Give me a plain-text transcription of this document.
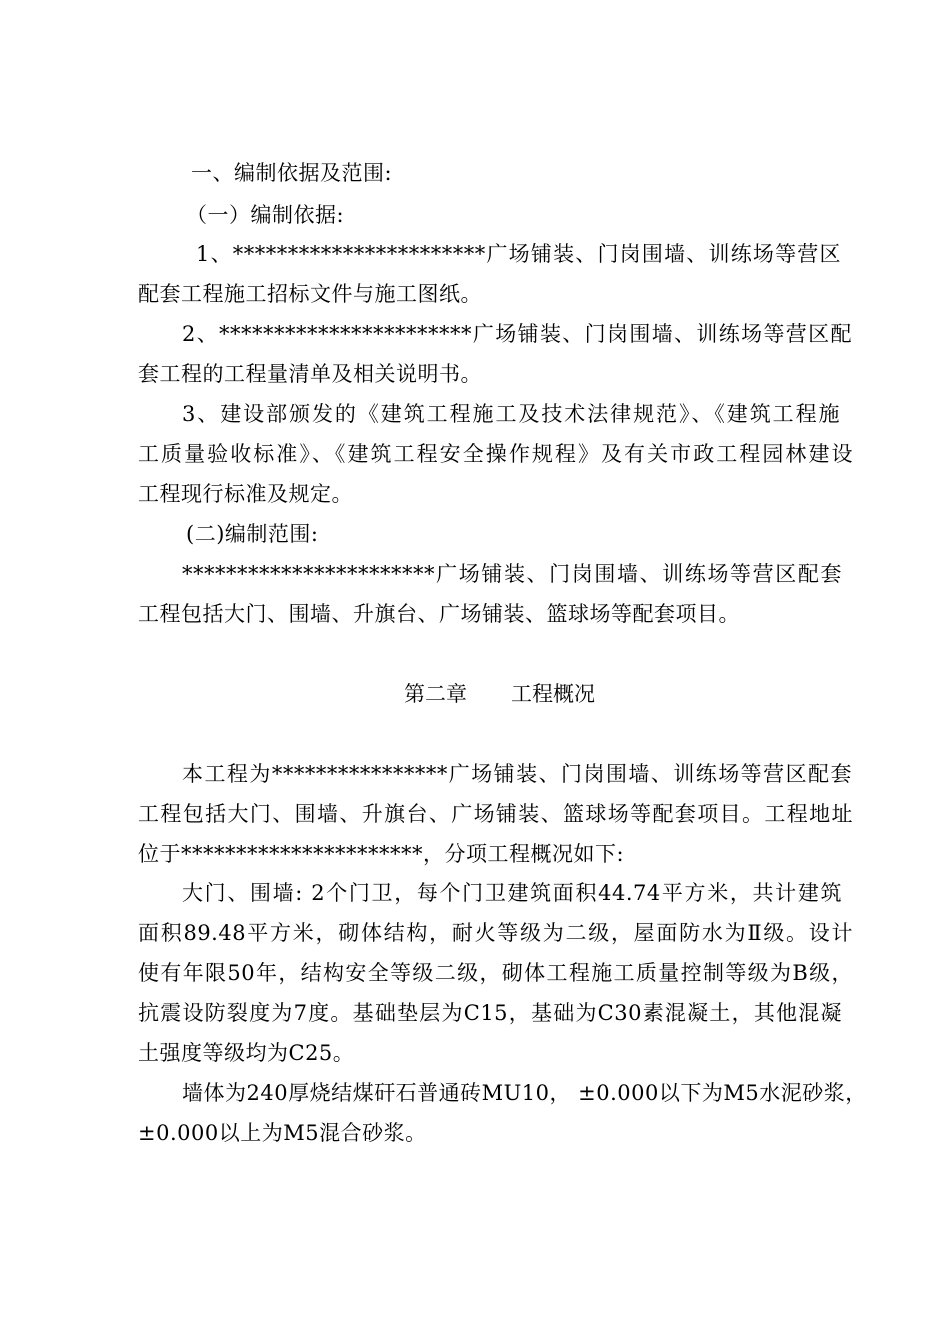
一、编制依据及范围:
（一）编制依据:
1、***********************广场铺装、门岗围墙、训练场等营区
配套工程施工招标文件与施工图纸。
2、***********************广场铺装、门岗围墙、训练场等营区配
套工程的工程量清单及相关说明书。
3、建设部颁发的《建筑工程施工及技术法律规范》、《建筑工程施
工质量验收标准》、《建筑工程安全操作规程》及有关市政工程园林建设
工程现行标准及规定。
(二)编制范围:
***********************广场铺装、门岗围墙、训练场等营区配套
工程包括大门、围墙、升旗台、广场铺装、篮球场等配套项目。
第二章 工程概况
本工程为****************广场铺装、门岗围墙、训练场等营区配套
工程包括大门、围墙、升旗台、广场铺装、篮球场等配套项目。工程地址
位于**********************，分项工程概况如下:
大门、围墙: 2个门卫，每个门卫建筑面积44.74平方米，共计建筑
面积89.48平方米，砌体结构，耐火等级为二级，屋面防水为Ⅱ级。设计
使有年限50年，结构安全等级二级，砌体工程施工质量控制等级为B级，
抗震设防裂度为7度。基础垫层为C15，基础为C30素混凝土，其他混凝
土强度等级均为C25。
墙体为240厚烧结煤矸石普通砖MU10， ±0.000以下为M5水泥砂浆，
±0.000以上为M5混合砂浆。
